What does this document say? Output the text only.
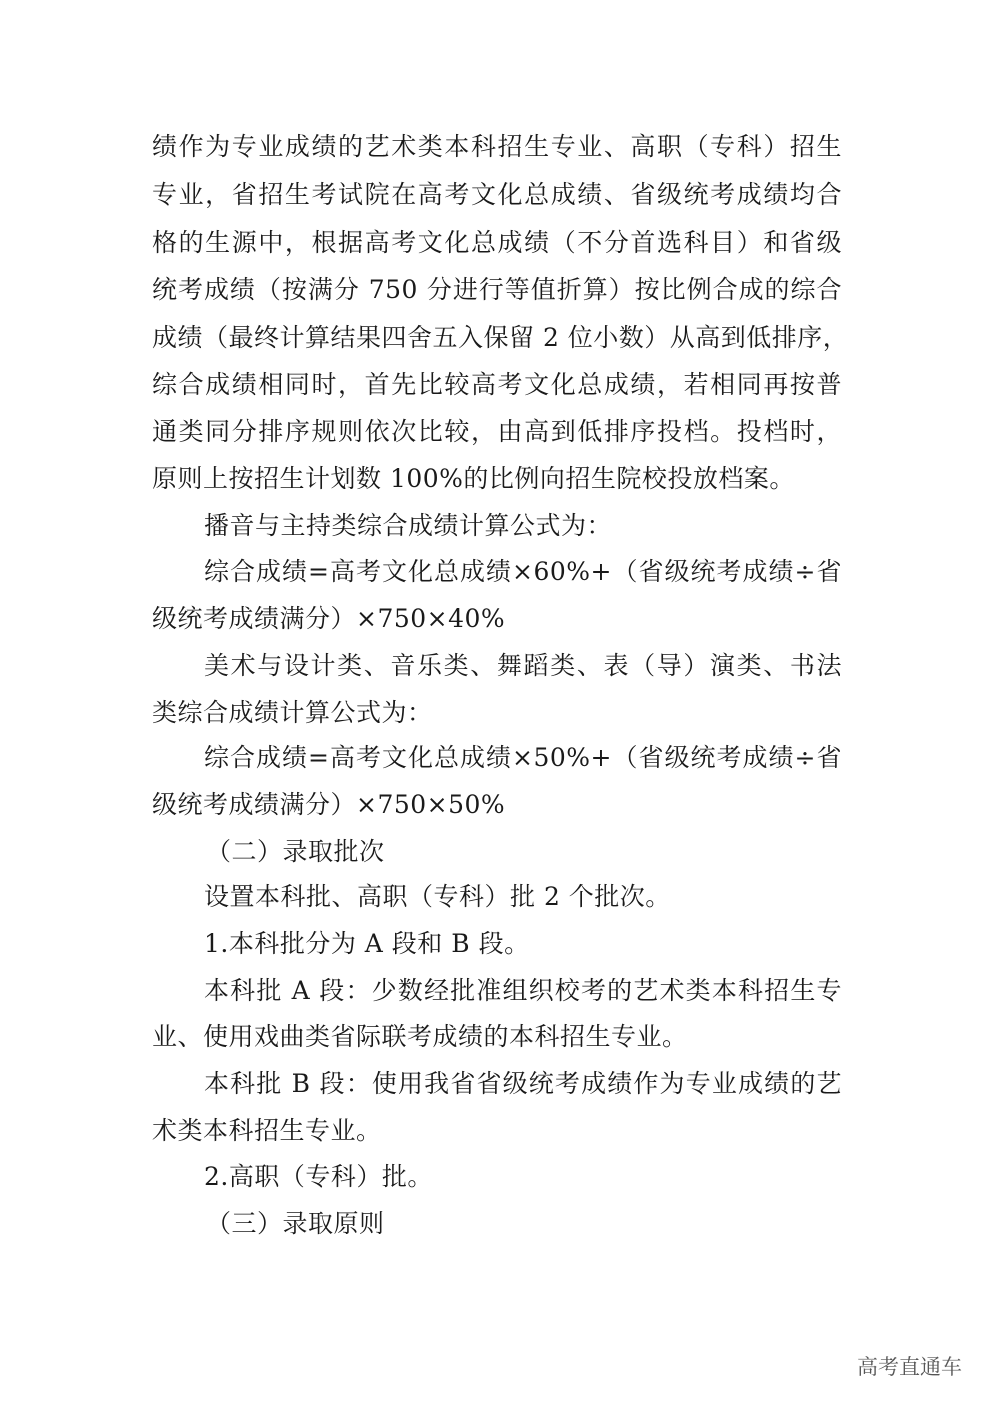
绩作为专业成绩的艺术类本科招生专业、高职（专科）招生
专业，省招生考试院在高考文化总成绩、省级统考成绩均合
格的生源中，根据高考文化总成绩（不分首选科目）和省级
统考成绩（按满分 750 分进行等值折算）按比例合成的综合
成绩（最终计算结果四舍五入保留 2 位小数）从高到低排序，
综合成绩相同时，首先比较高考文化总成绩，若相同再按普
通类同分排序规则依次比较，由高到低排序投档。投档时，
原则上按招生计划数 100%的比例向招生院校投放档案。
播音与主持类综合成绩计算公式为：
综合成绩=高考文化总成绩×60%+（省级统考成绩÷省
级统考成绩满分）×750×40%
美术与设计类、音乐类、舞蹈类、表（导）演类、书法
类综合成绩计算公式为：
综合成绩=高考文化总成绩×50%+（省级统考成绩÷省
级统考成绩满分）×750×50%
（二）录取批次
设置本科批、高职（专科）批 2 个批次。
1.本科批分为 A 段和 B 段。
本科批 A 段：少数经批准组织校考的艺术类本科招生专
业、使用戏曲类省际联考成绩的本科招生专业。
本科批 B 段：使用我省省级统考成绩作为专业成绩的艺
术类本科招生专业。
2.高职（专科）批。
（三）录取原则
高考直通车
